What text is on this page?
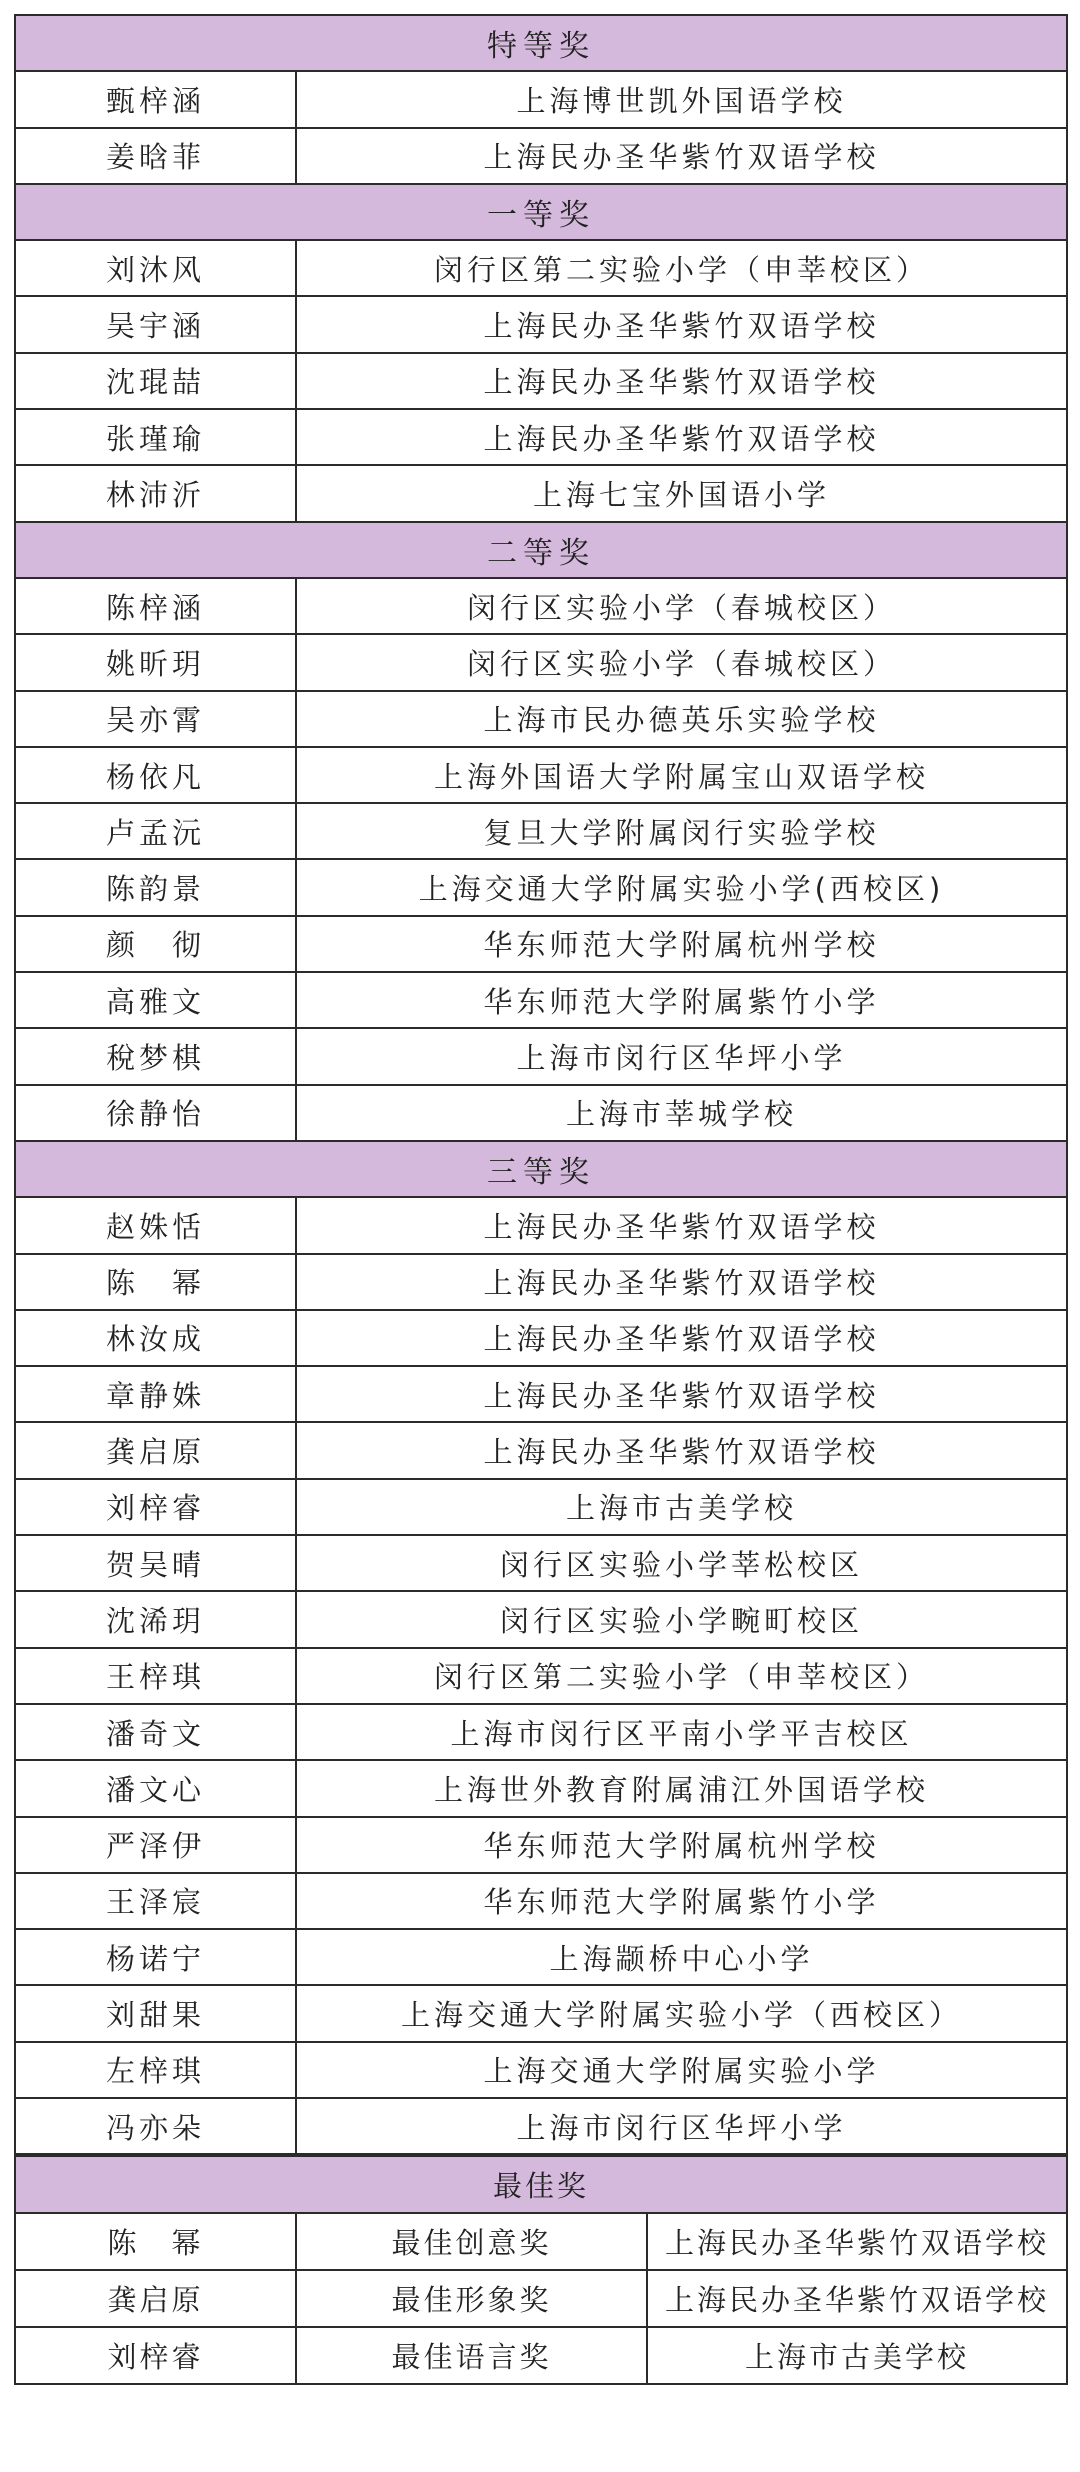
特等奖	
甄梓涵	上海博世凯外国语学校
姜晗菲	上海民办圣华紫竹双语学校
一等奖	
刘沐风	闵行区第二实验小学（申莘校区）
吴宇涵	上海民办圣华紫竹双语学校
沈琨喆	上海民办圣华紫竹双语学校
张瑾瑜	上海民办圣华紫竹双语学校
林沛沂	上海七宝外国语小学
二等奖	
陈梓涵	闵行区实验小学（春城校区）
姚昕玥	闵行区实验小学（春城校区）
吴亦霄	上海市民办德英乐实验学校
杨依凡	上海外国语大学附属宝山双语学校
卢孟沅	复旦大学附属闵行实验学校
陈韵景	上海交通大学附属实验小学(西校区)
颜　彻	华东师范大学附属杭州学校
高雅文	华东师范大学附属紫竹小学
稅梦棋	上海市闵行区华坪小学
徐静怡	上海市莘城学校
三等奖	
赵姝恬	上海民办圣华紫竹双语学校
陈　幂	上海民办圣华紫竹双语学校
林汝成	上海民办圣华紫竹双语学校
章静姝	上海民办圣华紫竹双语学校
龚启原	上海民办圣华紫竹双语学校
刘梓睿	上海市古美学校
贺吴晴	闵行区实验小学莘松校区
沈浠玥	闵行区实验小学畹町校区
王梓琪	闵行区第二实验小学（申莘校区）
潘奇文	上海市闵行区平南小学平吉校区
潘文心	上海世外教育附属浦江外国语学校
严泽伊	华东师范大学附属杭州学校
王泽宸	华东师范大学附属紫竹小学
杨诺宁	上海颛桥中心小学
刘甜果	上海交通大学附属实验小学（西校区）
左梓琪	上海交通大学附属实验小学
冯亦朵	上海市闵行区华坪小学
最佳奖		
陈　幂	最佳创意奖	上海民办圣华紫竹双语学校
龚启原	最佳形象奖	上海民办圣华紫竹双语学校
刘梓睿	最佳语言奖	上海市古美学校
